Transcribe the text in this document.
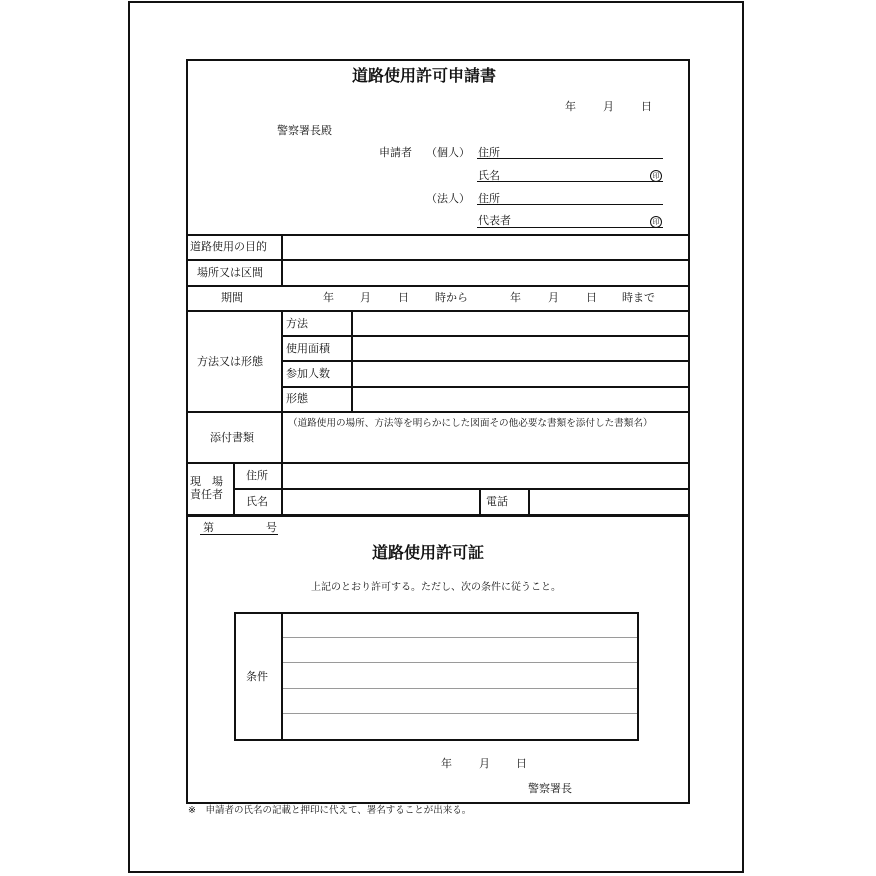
道路使用許可申請書
年 月 日
警察署長殿
申請者 （個人） 住所
氏名	印
（法人） 住所
代表者	印
道路使用の目的
場所又は区間
期間	年 月 日 時から	年 月 日 時まで
方法又は形態
方法
使用面積
参加人数
形態
添付書類
（道路使用の場所、方法等を明らかにした図面その他必要な書類を添付した書類名）
現　場
責任者
住所
氏名	電話
第	号
道路使用許可証
上記のとおり許可する。ただし、次の条件に従うこと。
条件
年 月 日
警察署長
※　申請者の氏名の記載と押印に代えて、署名することが出来る。
